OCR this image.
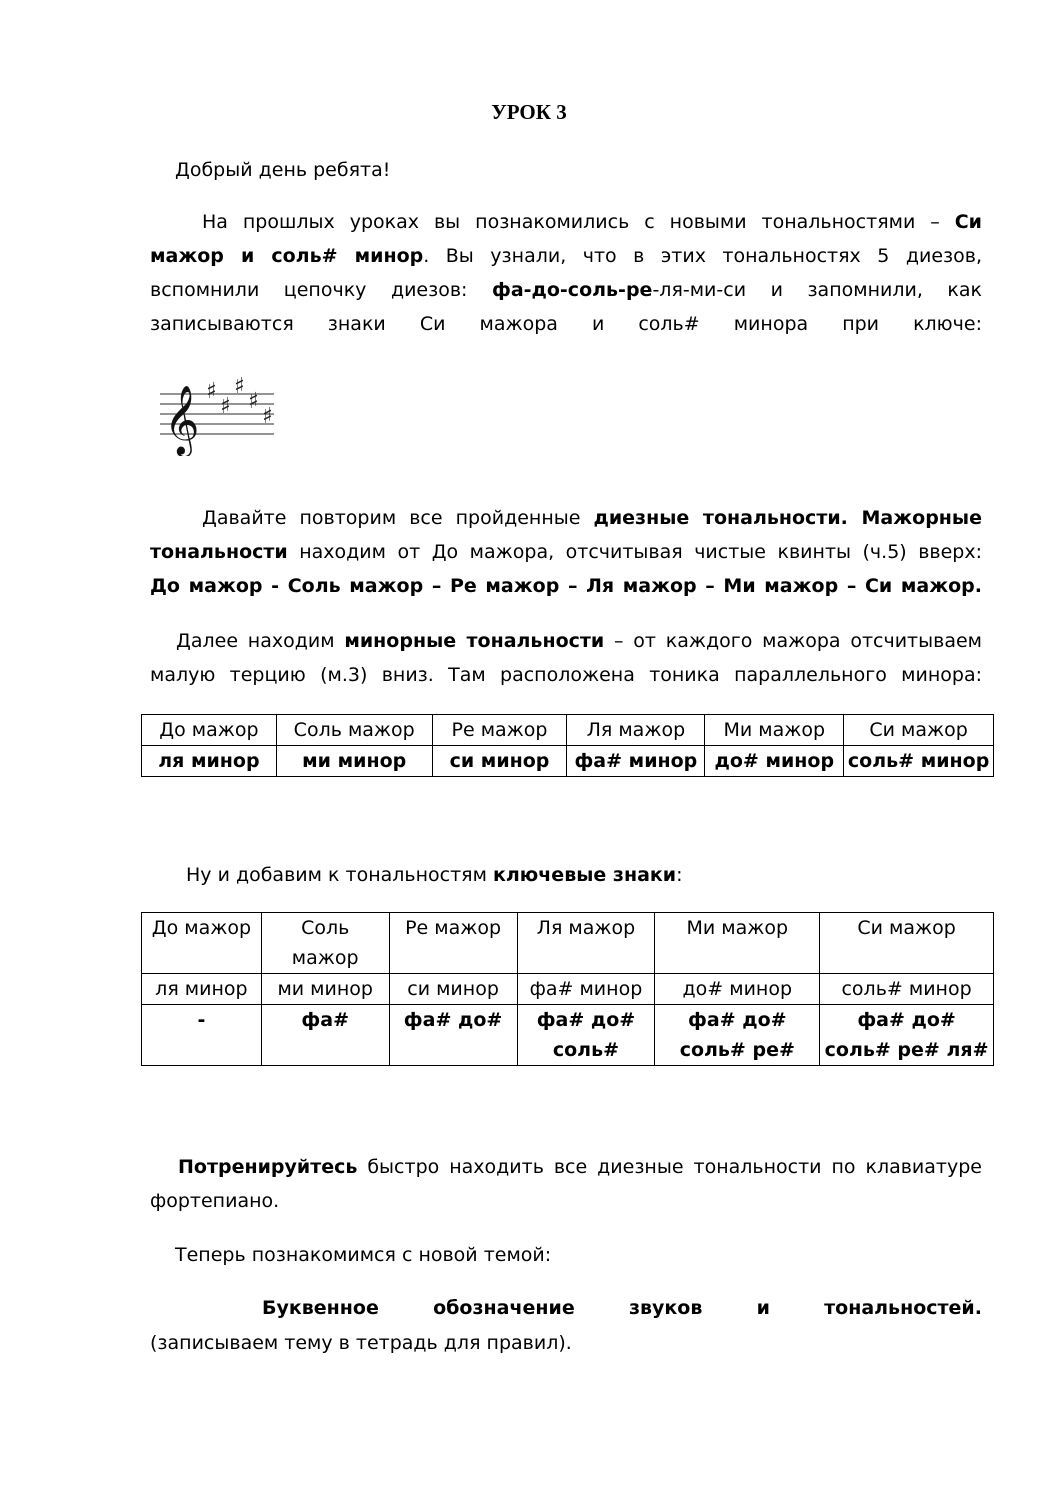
УРОК 3
Добрый день ребята!
На прошлых уроках вы познакомились с новыми тональностями – Си мажор и соль# минор. Вы узнали, что в этих тональностях 5 диезов, вспомнили цепочку диезов: фа-до-соль-ре-ля-ми-си и запомнили, как записываются знаки Си мажора и соль# минора при ключе:
𝄞 ♯
♯
♯
♯
♯
Давайте повторим все пройденные диезные тональности. Мажорные тональности находим от До мажора, отсчитывая чистые квинты (ч.5) вверх: До мажор - Соль мажор – Ре мажор – Ля мажор – Ми мажор – Си мажор.
Далее находим минорные тональности – от каждого мажора отсчитываем малую терцию (м.3) вниз. Там расположена тоника параллельного минора:
До мажор	Соль мажор	Ре мажор	Ля мажор	Ми мажор	Си мажор
ля минор	ми минор	си минор	фа# минор	до# минор	соль# минор
Ну и добавим к тональностям ключевые знаки:
До мажор	Соль мажор	Ре мажор	Ля мажор	Ми мажор	Си мажор
ля минор	ми минор	си минор	фа# минор	до# минор	соль# минор
-	фа#	фа# до#	фа# до# соль#	фа# до# соль# ре#	фа# до# соль# ре# ля#
Потренируйтесь быстро находить все диезные тональности по клавиатуре фортепиано.
Теперь познакомимся с новой темой:
Буквенное	обозначение	звуков	и	тональностей.
(записываем тему в тетрадь для правил).
